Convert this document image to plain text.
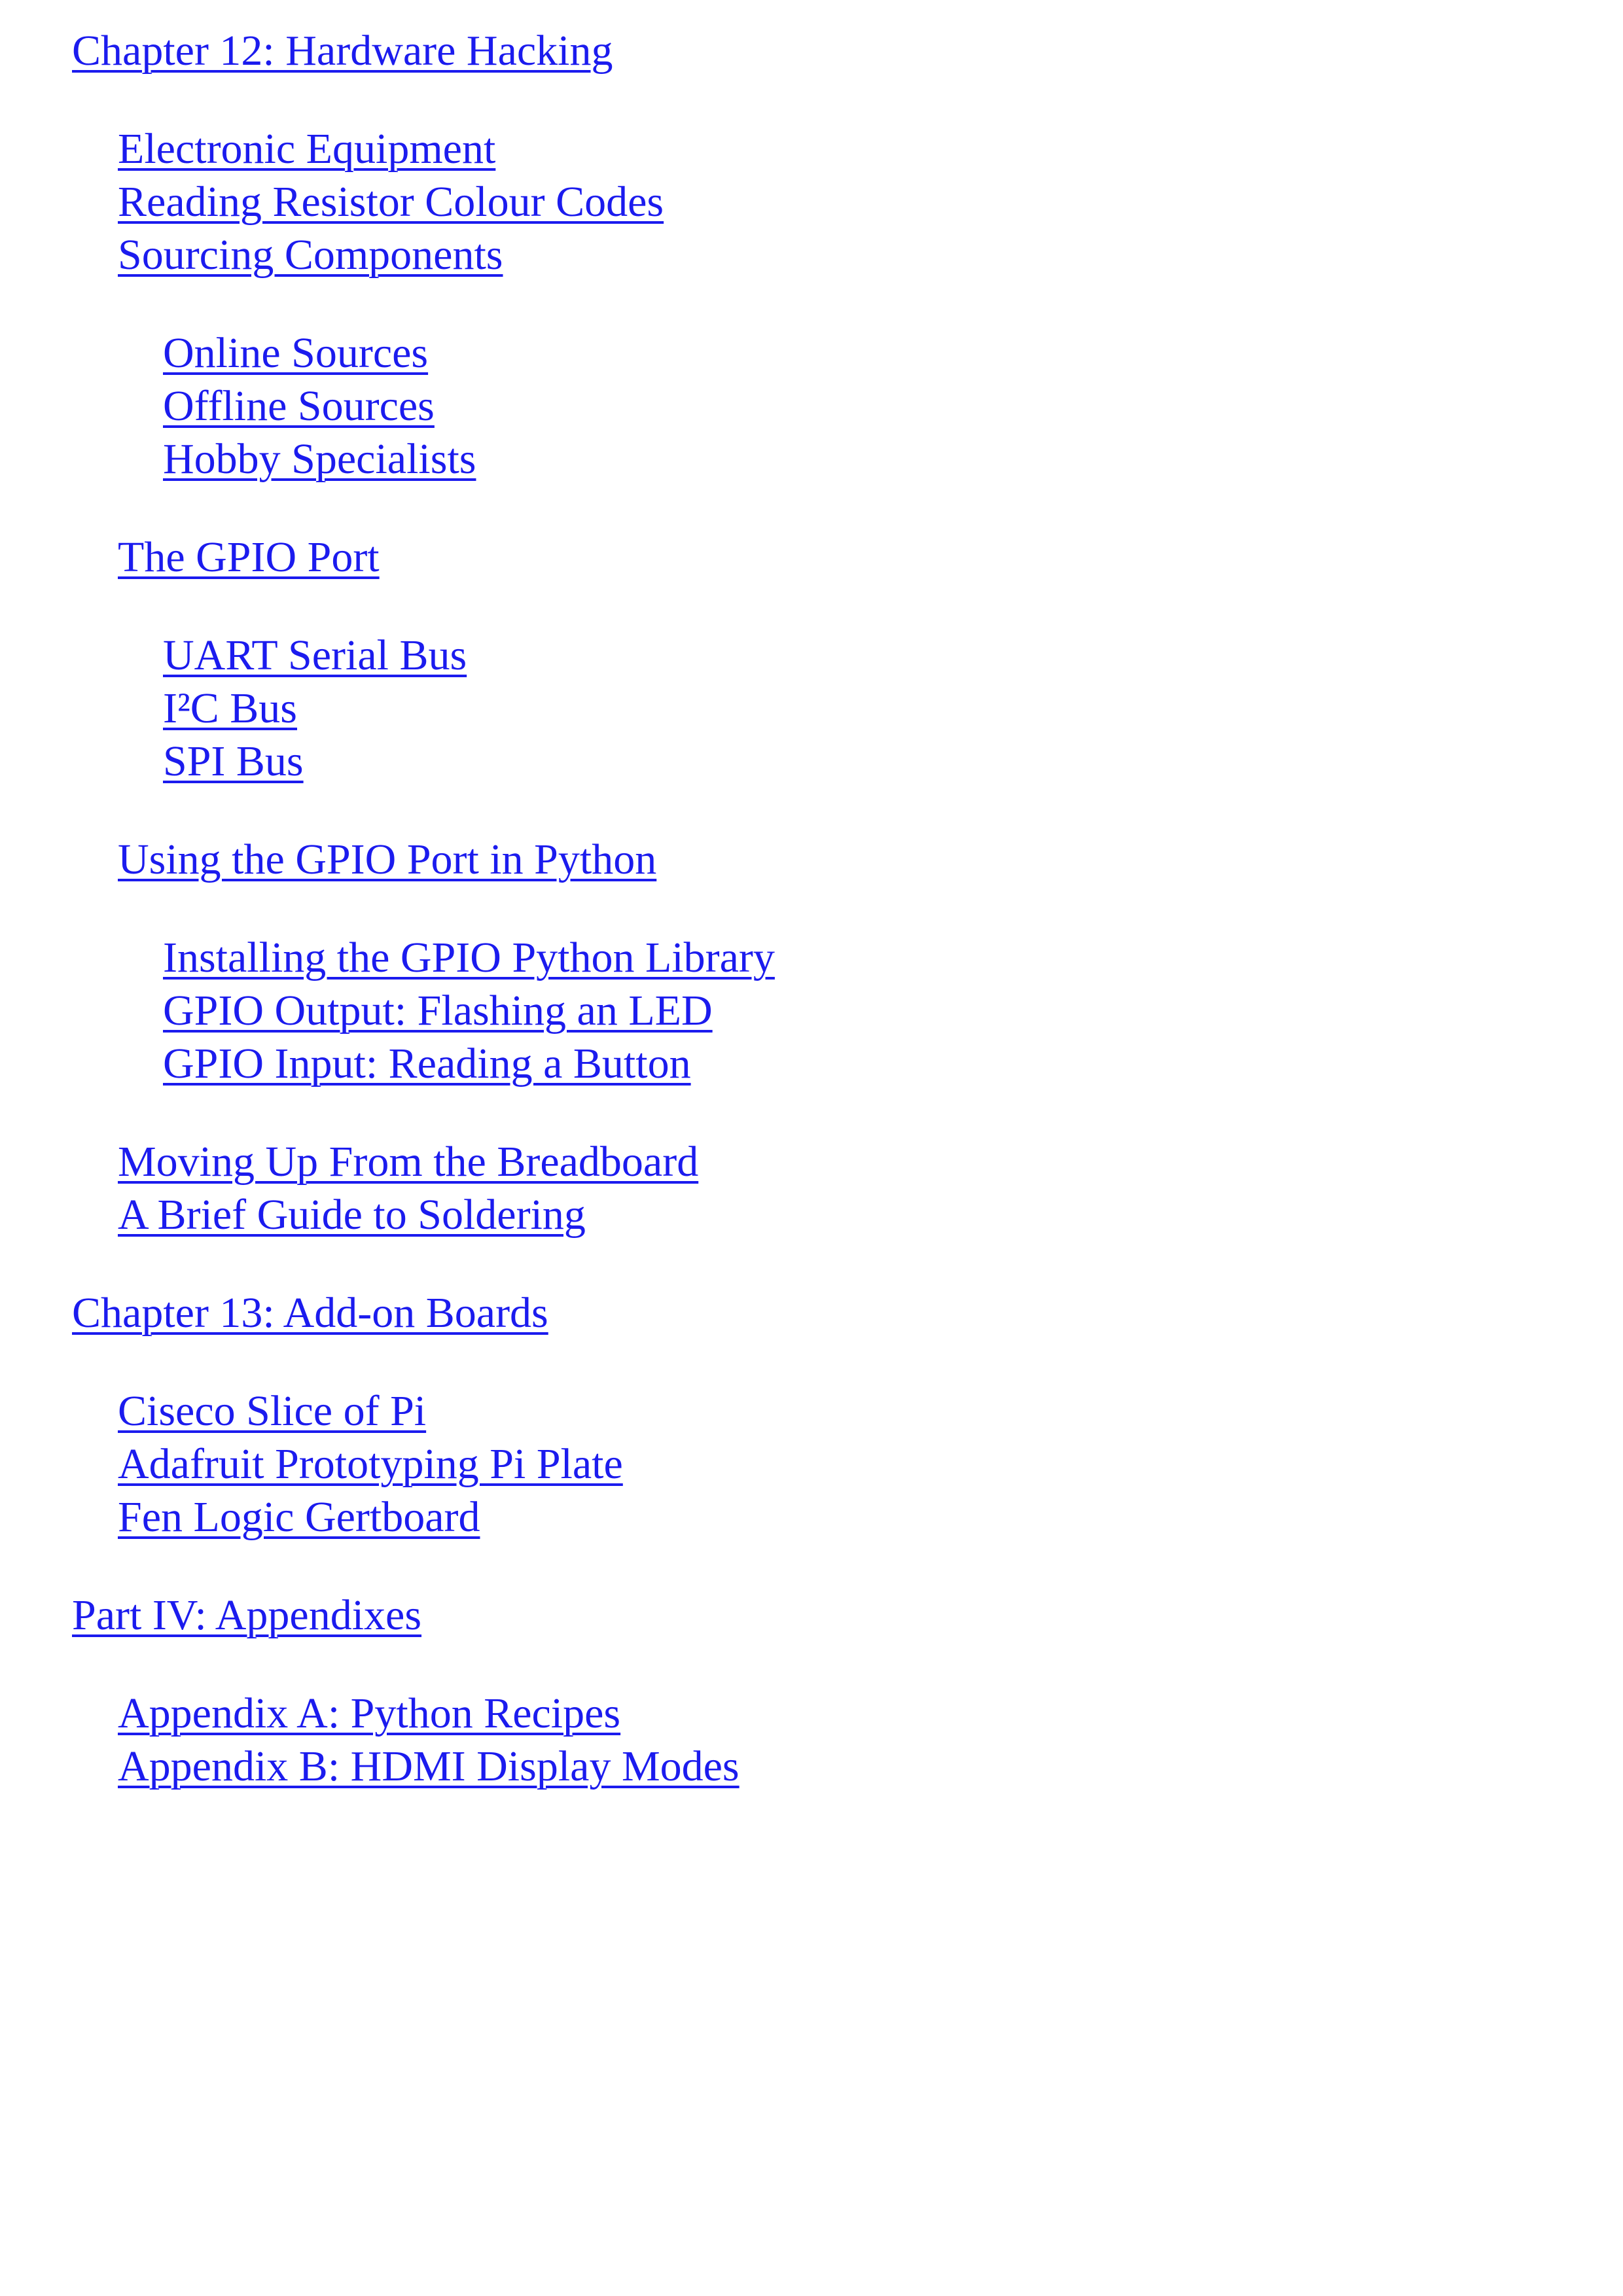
Chapter 12: Hardware Hacking
Electronic Equipment
Reading Resistor Colour Codes
Sourcing Components
Online Sources
Offline Sources
Hobby Specialists
The GPIO Port
UART Serial Bus
I²C Bus
SPI Bus
Using the GPIO Port in Python
Installing the GPIO Python Library
GPIO Output: Flashing an LED
GPIO Input: Reading a Button
Moving Up From the Breadboard
A Brief Guide to Soldering
Chapter 13: Add-on Boards
Ciseco Slice of Pi
Adafruit Prototyping Pi Plate
Fen Logic Gertboard
Part IV: Appendixes
Appendix A: Python Recipes
Appendix B: HDMI Display Modes
